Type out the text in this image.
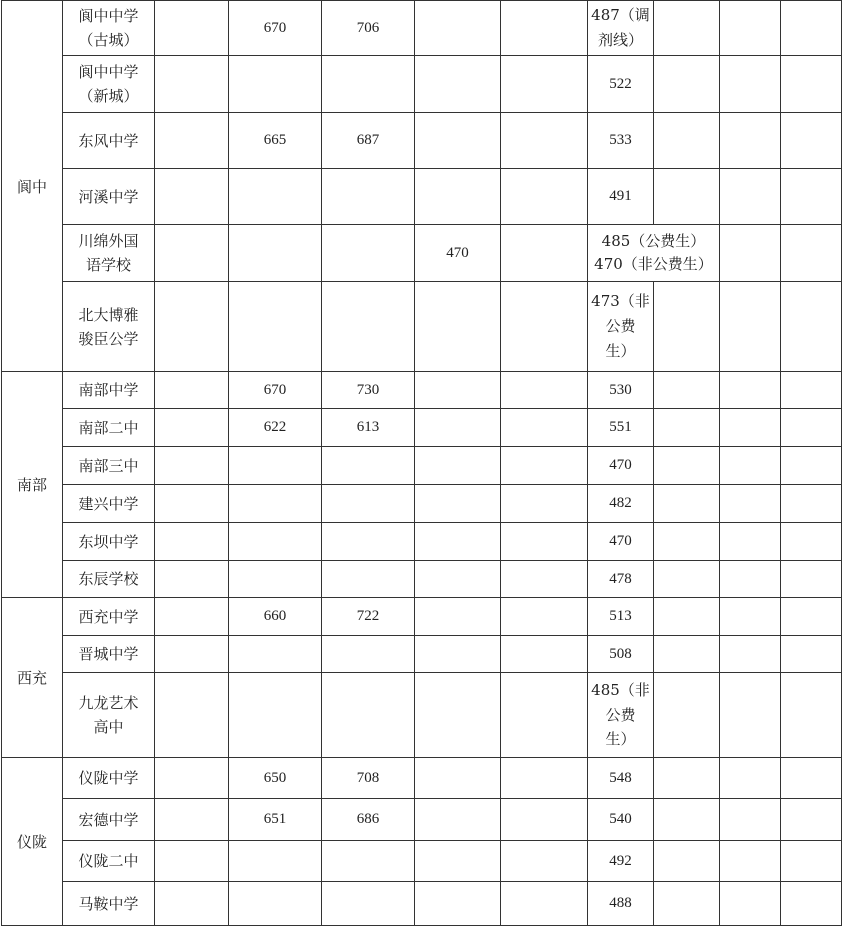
阆中	阆中中学
（古城）		670	706			487（调
剂线）				

	阆中中学
（新城）						522				

	东风中学		665	687			533				

	河溪中学						491				

	川绵外国
语学校				470		485（公费生）
470（非公费生）				

	北大博雅
骏臣公学						473（非
公费
生）				

南部	南部中学		670	730			530				

	南部二中		622	613			551				

	南部三中						470				

	建兴中学						482				

	东坝中学						470				

	东辰学校						478				
西充	西充中学		660	722			513				

	晋城中学						508				

	九龙艺术
高中						485（非
公费
生）				

仪陇	仪陇中学		650	708			548				

	宏德中学		651	686			540				

	仪陇二中						492				

	马鞍中学						488				
